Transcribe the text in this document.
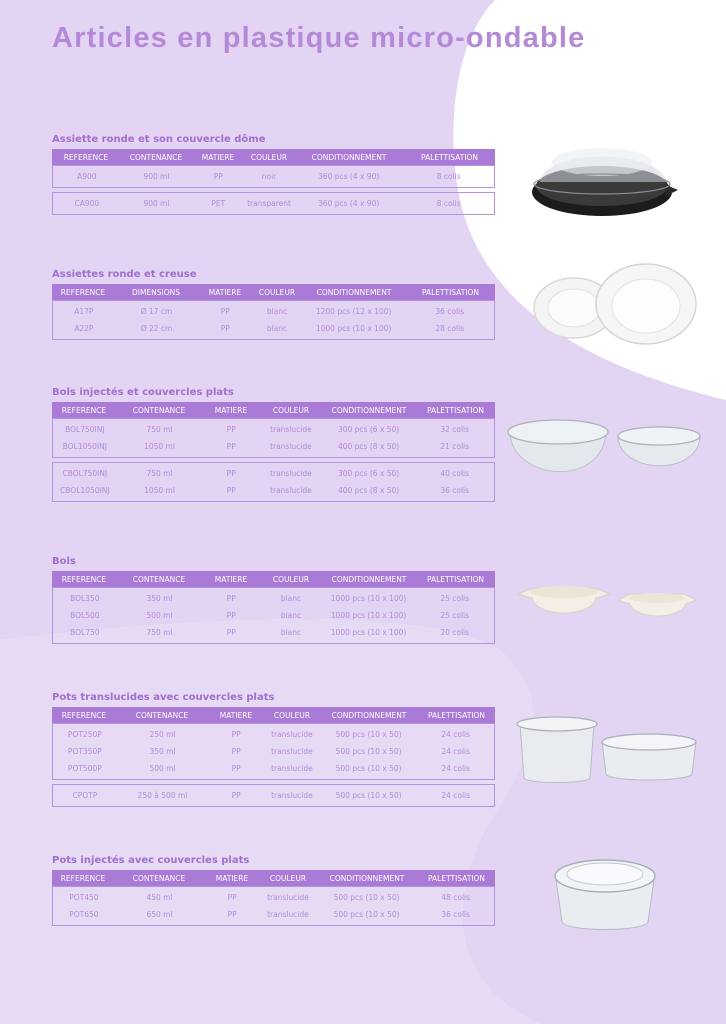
Articles en plastique micro-ondable
Assiette ronde et son couvercle dôme
REFERENCE	CONTENANCE	MATIERE	COULEUR	CONDITIONNEMENT	PALETTISATION
A900	900 ml	PP	noir	360 pcs (4 x 90)	8 colis
CA900	900 ml	PET	transparent	360 pcs (4 x 90)	8 colis
Assiettes ronde et creuse
REFERENCE	DIMENSIONS	MATIERE	COULEUR	CONDITIONNEMENT	PALETTISATION
A17P	Ø 17 cm	PP	blanc	1200 pcs (12 x 100)	36 colis
A22P	Ø 22 cm	PP	blanc	1000 pcs (10 x 100)	28 colis
Bols injectés et couvercles plats
REFERENCE	CONTENANCE	MATIERE	COULEUR	CONDITIONNEMENT	PALETTISATION
BOL750INJ	750 ml	PP	translucide	300 pcs (6 x 50)	32 colis
BOL1050INJ	1050 ml	PP	translucide	400 pcs (8 x 50)	21 colis
CBOL750INJ	750 ml	PP	translucide	300 pcs (6 x 50)	40 colis
CBOL1050INJ	1050 ml	PP	translucide	400 pcs (8 x 50)	36 colis
Bols
REFERENCE	CONTENANCE	MATIERE	COULEUR	CONDITIONNEMENT	PALETTISATION
BOL350	350 ml	PP	blanc	1000 pcs (10 x 100)	25 colis
BOL500	500 ml	PP	blanc	1000 pcs (10 x 100)	25 colis
BOL750	750 ml	PP	blanc	1000 pcs (10 x 100)	20 colis
Pots translucides avec couvercles plats
REFERENCE	CONTENANCE	MATIERE	COULEUR	CONDITIONNEMENT	PALETTISATION
POT250P	250 ml	PP	translucide	500 pcs (10 x 50)	24 colis
POT350P	350 ml	PP	translucide	500 pcs (10 x 50)	24 colis
POT500P	500 ml	PP	translucide	500 pcs (10 x 50)	24 colis
CPOTP	250 à 500 ml	PP	translucide	500 pcs (10 x 50)	24 colis
Pots injectés avec couvercles plats
REFERENCE	CONTENANCE	MATIERE	COULEUR	CONDITIONNEMENT	PALETTISATION
POT450	450 ml	PP	translucide	500 pcs (10 x 50)	48 colis
POT650	650 ml	PP	translucide	500 pcs (10 x 50)	36 colis
